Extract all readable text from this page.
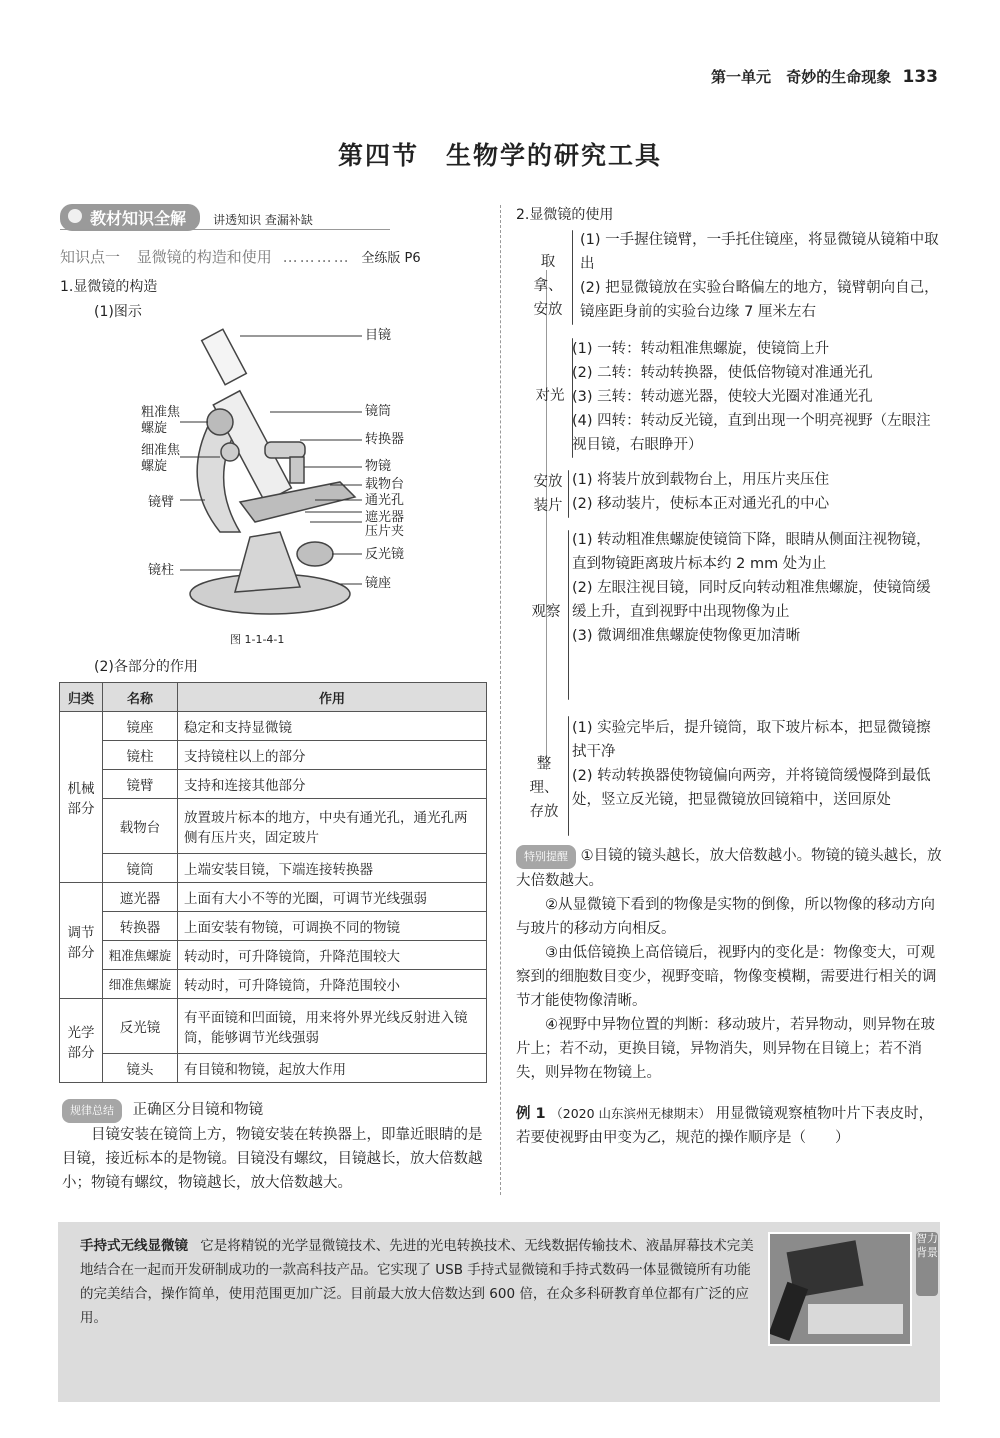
第一单元 奇妙的生命现象 133
第四节　生物学的研究工具
教材知识全解 讲透知识 查漏补缺
知识点一 显微镜的构造和使用 ………… 全练版 P6
1.显微镜的构造
(1)图示
目镜
镜筒
转换器
物镜
载物台
通光孔
遮光器
压片夹
反光镜
镜座
粗准焦螺旋
细准焦螺旋
镜臂
镜柱
图 1-1-4-1
(2)各部分的作用
归类	名称	作用
机械部分	镜座	稳定和支持显微镜
	镜柱	支持镜柱以上的部分
	镜臂	支持和连接其他部分
	载物台	放置玻片标本的地方，中央有通光孔，通光孔两侧有压片夹，固定玻片
	镜筒	上端安装目镜，下端连接转换器
调节部分	遮光器	上面有大小不等的光圈，可调节光线强弱
	转换器	上面安装有物镜，可调换不同的物镜
	粗准焦螺旋	转动时，可升降镜筒，升降范围较大
	细准焦螺旋	转动时，可升降镜筒，升降范围较小
光学部分	反光镜	有平面镜和凹面镜，用来将外界光线反射进入镜筒，能够调节光线强弱
	镜头	有目镜和物镜，起放大作用
规律总结 正确区分目镜和物镜
目镜安装在镜筒上方，物镜安装在转换器上，即靠近眼睛的是目镜，接近标本的是物镜。目镜没有螺纹，目镜越长，放大倍数越小；物镜有螺纹，物镜越长，放大倍数越大。
2.显微镜的使用
取拿、安放
(1) 一手握住镜臂，一手托住镜座，将显微镜从镜箱中取出
(2) 把显微镜放在实验台略偏左的地方，镜臂朝向自己，镜座距身前的实验台边缘 7 厘米左右
对光
(1) 一转：转动粗准焦螺旋，使镜筒上升
(2) 二转：转动转换器，使低倍物镜对准通光孔
(3) 三转：转动遮光器，使较大光圈对准通光孔
(4) 四转：转动反光镜，直到出现一个明亮视野（左眼注视目镜，右眼睁开）
安放装片
(1) 将装片放到载物台上，用压片夹压住
(2) 移动装片，使标本正对通光孔的中心
观察
(1) 转动粗准焦螺旋使镜筒下降，眼睛从侧面注视物镜，直到物镜距离玻片标本约 2 mm 处为止
(2) 左眼注视目镜，同时反向转动粗准焦螺旋，使镜筒缓缓上升，直到视野中出现物像为止
(3) 微调细准焦螺旋使物像更加清晰
整理、存放
(1) 实验完毕后，提升镜筒，取下玻片标本，把显微镜擦拭干净
(2) 转动转换器使物镜偏向两旁，并将镜筒缓慢降到最低处，竖立反光镜，把显微镜放回镜箱中，送回原处
特别提醒 ①目镜的镜头越长，放大倍数越小。物镜的镜头越长，放大倍数越大。
②从显微镜下看到的物像是实物的倒像，所以物像的移动方向与玻片的移动方向相反。
③由低倍镜换上高倍镜后，视野内的变化是：物像变大，可观察到的细胞数目变少，视野变暗，物像变模糊，需要进行相关的调节才能使物像清晰。
④视野中异物位置的判断：移动玻片，若异物动，则异物在玻片上；若不动，更换目镜，异物消失，则异物在目镜上；若不消失，则异物在物镜上。
例 1 （2020 山东滨州无棣期末） 用显微镜观察植物叶片下表皮时，若要使视野由甲变为乙，规范的操作顺序是（　　）
手持式无线显微镜 它是将精锐的光学显微镜技术、先进的光电转换技术、无线数据传输技术、液晶屏幕技术完美地结合在一起而开发研制成功的一款高科技产品。它实现了 USB 手持式显微镜和手持式数码一体显微镜所有功能的完美结合，操作简单，使用范围更加广泛。目前最大放大倍数达到 600 倍，在众多科研教育单位都有广泛的应用。
智力背景
